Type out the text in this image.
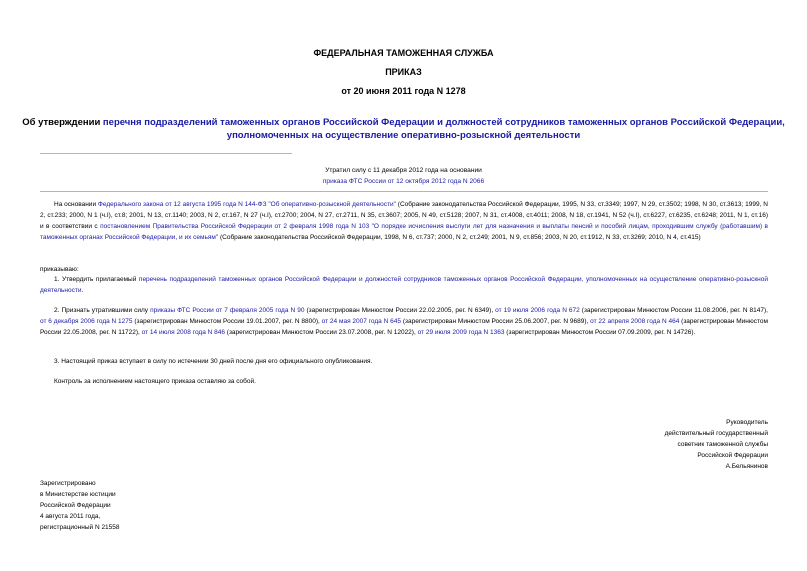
ФЕДЕРАЛЬНАЯ ТАМОЖЕННАЯ СЛУЖБА
ПРИКАЗ
от 20 июня 2011 года N 1278
Об утверждении перечня подразделений таможенных органов Российской Федерации и должностей сотрудников таможенных органов Российской Федерации,
уполномоченных на осуществление оперативно-розыскной деятельности
Утратил силу с 11 декабря 2012 года на основании
приказа ФТС России от 12 октября 2012 года N 2066
На основании Федерального закона от 12 августа 1995 года N 144-ФЗ "Об оперативно-розыскной деятельности" (Собрание законодательства Российской Федерации, 1995, N 33, ст.3349; 1997, N 29, ст.3502; 1998, N 30, ст.3613; 1999, N 2, ст.233; 2000, N 1 (ч.I), ст.8; 2001, N 13, ст.1140; 2003, N 2, ст.167, N 27 (ч.I), ст.2700; 2004, N 27, ст.2711, N 35, ст.3607; 2005, N 49, ст.5128; 2007, N 31, ст.4008, ст.4011; 2008, N 18, ст.1941, N 52 (ч.I), ст.6227, ст.6235, ст.6248; 2011, N 1, ст.16) и в соответствии с постановлением Правительства Российской Федерации от 2 февраля 1998 года N 103 "О порядке исчисления выслуги лет для назначения и выплаты пенсий и пособий лицам, проходившим службу (работавшим) в таможенных органах Российской Федерации, и их семьям" (Собрание законодательства Российской Федерации, 1998, N 6, ст.737; 2000, N 2, ст.249; 2001, N 9, ст.856; 2003, N 20, ст.1912, N 33, ст.3269; 2010, N 4, ст.415)
приказываю:
1. Утвердить прилагаемый перечень подразделений таможенных органов Российской Федерации и должностей сотрудников таможенных органов Российской Федерации, уполномоченных на осуществление оперативно-розыскной деятельности.
2. Признать утратившими силу приказы ФТС России от 7 февраля 2005 года N 90 (зарегистрирован Минюстом России 22.02.2005, рег. N 6349), от 19 июля 2006 года N 672 (зарегистрирован Минюстом России 11.08.2006, рег. N 8147), от 6 декабря 2006 года N 1275 (зарегистрирован Минюстом России 19.01.2007, рег. N 8800), от 24 мая 2007 года N 645 (зарегистрирован Минюстом России 25.06.2007, рег. N 9689), от 22 апреля 2008 года N 464 (зарегистрирован Минюстом России 22.05.2008, рег. N 11722), от 14 июля 2008 года N 846 (зарегистрирован Минюстом России 23.07.2008, рег. N 12022), от 29 июля 2009 года N 1363 (зарегистрирован Минюстом России 07.09.2009, рег. N 14726).
3. Настоящий приказ вступает в силу по истечении 30 дней после дня его официального опубликования.
Контроль за исполнением настоящего приказа оставляю за собой.
Руководитель
действительный государственный
советник таможенной службы
Российской Федерации
А.Бельянинов
Зарегистрировано
в Министерстве юстиции
Российской Федерации
4 августа 2011 года,
регистрационный N 21558
